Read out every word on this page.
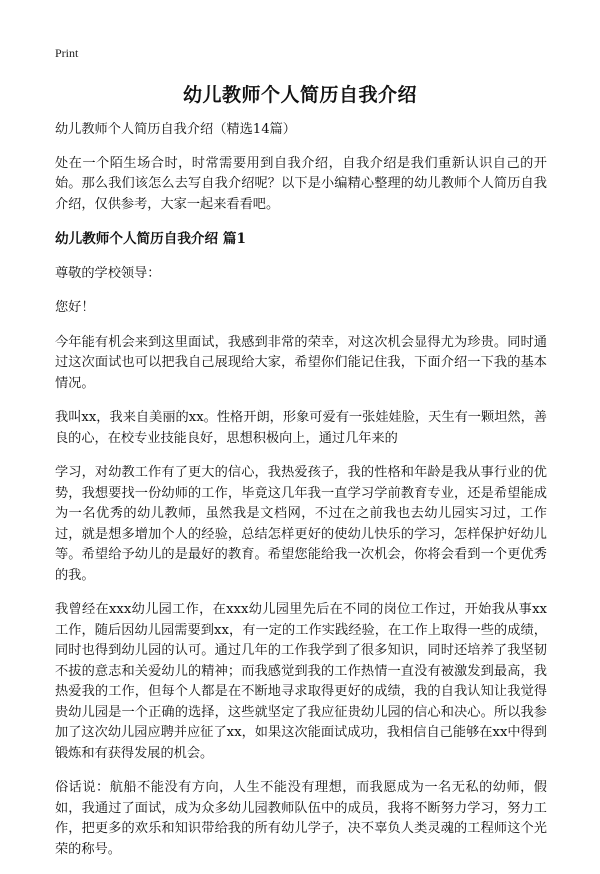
Print
幼儿教师个人简历自我介绍

幼儿教师个人简历自我介绍（精选14篇）

处在一个陌生场合时，时常需要用到自我介绍，自我介绍是我们重新认识自己的开始。那么我们该怎么去写自我介绍呢？以下是小编精心整理的幼儿教师个人简历自我介绍，仅供参考，大家一起来看看吧。

幼儿教师个人简历自我介绍 篇1

尊敬的学校领导：

您好！

今年能有机会来到这里面试，我感到非常的荣幸，对这次机会显得尤为珍贵。同时通过这次面试也可以把我自己展现给大家，希望你们能记住我，下面介绍一下我的基本情况。

我叫xx，我来自美丽的xx。性格开朗，形象可爱有一张娃娃脸，天生有一颗坦然，善良的心，在校专业技能良好，思想积极向上，通过几年来的

学习，对幼教工作有了更大的信心，我热爱孩子，我的性格和年龄是我从事行业的优势，我想要找一份幼师的工作，毕竟这几年我一直学习学前教育专业，还是希望能成为一名优秀的幼儿教师，虽然我是文档网，不过在之前我也去幼儿园实习过，工作过，就是想多增加个人的经验，总结怎样更好的使幼儿快乐的学习，怎样保护好幼儿等。希望给予幼儿的是最好的教育。希望您能给我一次机会，你将会看到一个更优秀的我。

我曾经在xxx幼儿园工作，在xxx幼儿园里先后在不同的岗位工作过，开始我从事xx工作，随后因幼儿园需要到xx，有一定的工作实践经验，在工作上取得一些的成绩，同时也得到幼儿园的认可。通过几年的工作我学到了很多知识，同时还培养了我坚韧不拔的意志和关爱幼儿的精神；而我感觉到我的工作热情一直没有被激发到最高，我热爱我的工作，但每个人都是在不断地寻求取得更好的成绩，我的自我认知让我觉得贵幼儿园是一个正确的选择，这些就坚定了我应征贵幼儿园的信心和决心。所以我参加了这次幼儿园应聘并应征了xx，如果这次能面试成功，我相信自己能够在xx中得到锻炼和有获得发展的机会。

俗话说：航船不能没有方向，人生不能没有理想，而我愿成为一名无私的幼师，假如，我通过了面试，成为众多幼儿园教师队伍中的成员，我将不断努力学习，努力工作，把更多的欢乐和知识带给我的所有幼儿学子，决不辜负人类灵魂的工程师这个光荣的称号。
